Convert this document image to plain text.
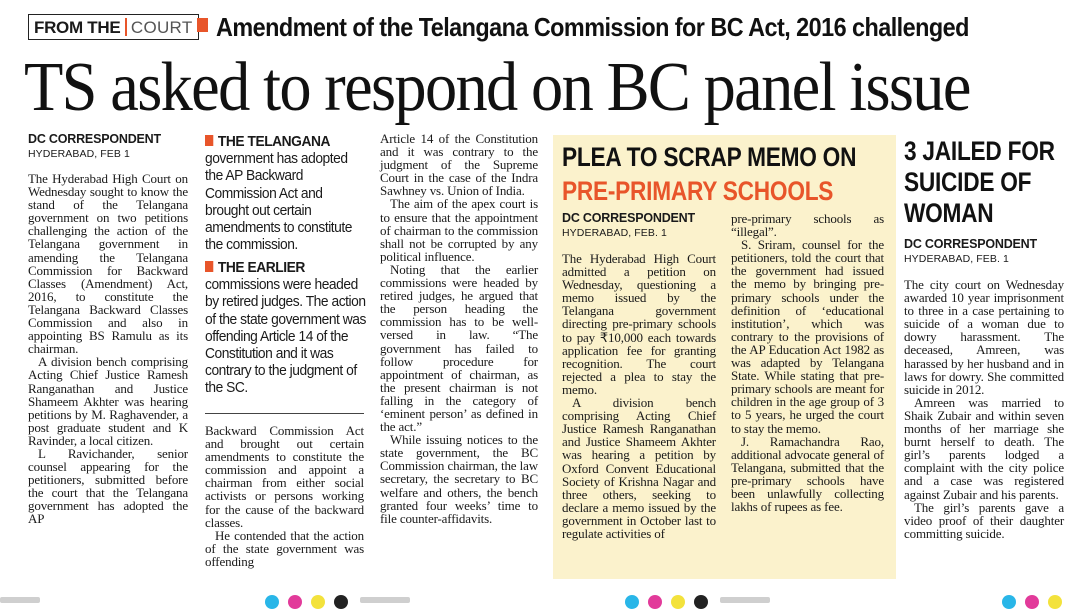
FROM THE COURT Amendment of the Telangana Commission for BC Act, 2016 challenged
TS asked to respond on BC panel issue
DC CORRESPONDENT
HYDERABAD, FEB 1

The Hyderabad High Court on Wednesday sought to know the stand of the Telangana government on two petitions challenging the action of the Telangana government in amending the Telangana Commission for Backward Classes (Amendment) Act, 2016, to constitute the Telangana Backward Classes Commission and also in appointing BS Ramulu as its chairman.

A division bench comprising Acting Chief Justice Ramesh Ranganathan and Justice Shameem Akhter was hearing petitions by M. Raghavender, a post graduate student and K Ravinder, a local citizen.

L Ravichander, senior counsel appearing for the petitioners, submitted before the court that the Telangana government has adopted the AP

THE TELANGANA government has adopted the AP Backward Commission Act and brought out certain amendments to constitute the commission.
THE EARLIER commissions were headed by retired judges. The action of the state government was offending Article 14 of the Constitution and it was contrary to the judgment of the SC.

Backward Commission Act and brought out certain amendments to constitute the commission and appoint a chairman from either social activists or persons working for the cause of the backward classes.

He contended that the action of the state government was offending

Article 14 of the Constitution and it was contrary to the judgment of the Supreme Court in the case of the Indra Sawhney vs. Union of India.

The aim of the apex court is to ensure that the appointment of chairman to the commission shall not be corrupted by any political influence.

Noting that the earlier commissions were headed by retired judges, he argued that the person heading the commission has to be well-versed in law. “The government has failed to follow procedure for appointment of chairman, as the present chairman is not falling in the category of ‘eminent person’ as defined in the act.”

While issuing notices to the state government, the BC Commission chairman, the law secretary, the secretary to BC welfare and others, the bench granted four weeks’ time to file counter-affidavits.

PLEA TO SCRAP MEMO ON
PRE-PRIMARY SCHOOLS
DC CORRESPONDENT
HYDERABAD, FEB. 1

The Hyderabad High Court admitted a petition on Wednesday, questioning a memo issued by the Telangana government directing pre-primary schools to pay ₹10,000 each towards application fee for granting recognition. The court rejected a plea to stay the memo.

A division bench comprising Acting Chief Justice Ramesh Ranganathan and Justice Shameem Akhter was hearing a petition by Oxford Convent Educational Society of Krishna Nagar and three others, seeking to declare a memo issued by the government in October last to regulate activities of

pre-primary schools as “illegal”.

S. Sriram, counsel for the petitioners, told the court that the government had issued the memo by bringing pre-primary schools under the definition of ‘educational institution’, which was contrary to the provisions of the AP Education Act 1982 as was adapted by Telangana State. While stating that pre-primary schools are meant for children in the age group of 3 to 5 years, he urged the court to stay the memo.

J. Ramachandra Rao, additional advocate general of Telangana, submitted that the pre-primary schools have been unlawfully collecting lakhs of rupees as fee.

3 JAILED FOR SUICIDE OF WOMAN
DC CORRESPONDENT
HYDERABAD, FEB. 1

The city court on Wednesday awarded 10 year imprisonment to three in a case pertaining to suicide of a woman due to dowry harassment. The deceased, Amreen, was harassed by her husband and in laws for dowry. She committed suicide in 2012.

Amreen was married to Shaik Zubair and within seven months of her marriage she burnt herself to death. The girl’s parents lodged a complaint with the city police and a case was registered against Zubair and his parents.

The girl’s parents gave a video proof of their daughter committing suicide.
